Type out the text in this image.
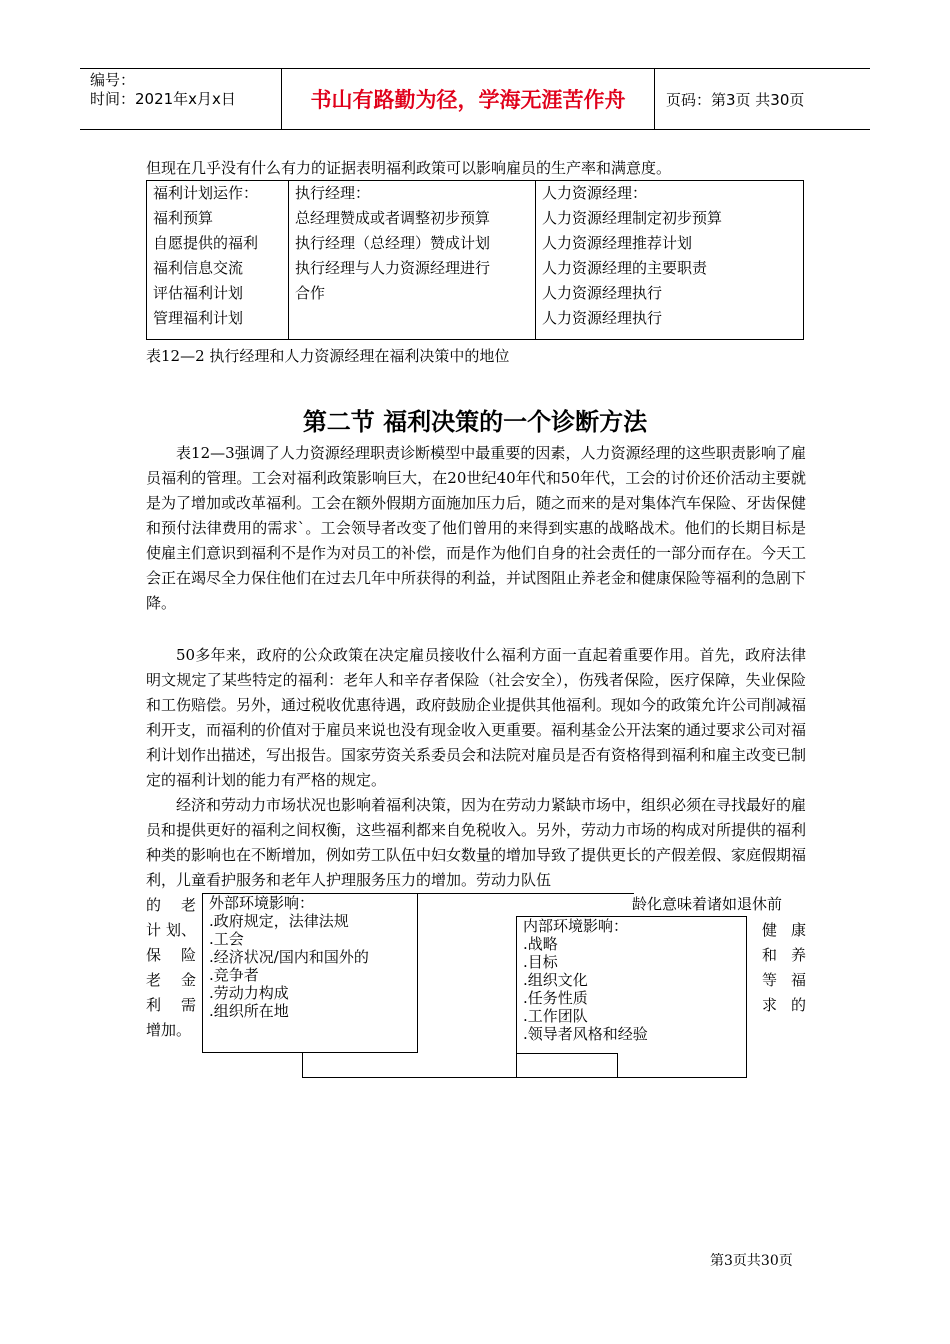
编号：
时间：2021年x月x日	书山有路勤为径，学海无涯苦作舟	页码：第3页 共30页
但现在几乎没有什么有力的证据表明福利政策可以影响雇员的生产率和满意度。
福利计划运作：
福利预算
自愿提供的福利
福利信息交流
评估福利计划
管理福利计划
执行经理：
总经理赞成或者调整初步预算
执行经理（总经理）赞成计划
执行经理与人力资源经理进行
合作
人力资源经理：
人力资源经理制定初步预算
人力资源经理推荐计划
人力资源经理的主要职责
人力资源经理执行
人力资源经理执行
表12—2 执行经理和人力资源经理在福利决策中的地位
第二节 福利决策的一个诊断方法
表12—3强调了人力资源经理职责诊断模型中最重要的因素，人力资源经理的这些职责影响了雇员福利的管理。工会对福利政策影响巨大，在20世纪40年代和50年代，工会的讨价还价活动主要就是为了增加或改革福利。工会在额外假期方面施加压力后，随之而来的是对集体汽车保险、牙齿保健和预付法律费用的需求`。工会领导者改变了他们曾用的来得到实惠的战略战术。他们的长期目标是使雇主们意识到福利不是作为对员工的补偿，而是作为他们自身的社会责任的一部分而存在。今天工会正在竭尽全力保住他们在过去几年中所获得的利益，并试图阻止养老金和健康保险等福利的急剧下降。
50多年来，政府的公众政策在决定雇员接收什么福利方面一直起着重要作用。首先，政府法律明文规定了某些特定的福利：老年人和辛存者保险（社会安全），伤残者保险，医疗保障，失业保险和工伤赔偿。另外，通过税收优惠待遇，政府鼓励企业提供其他福利。现如今的政策允许公司削减福利开支，而福利的价值对于雇员来说也没有现金收入更重要。福利基金公开法案的通过要求公司对福利计划作出描述，写出报告。国家劳资关系委员会和法院对雇员是否有资格得到福利和雇主改变已制定的福利计划的能力有严格的规定。
经济和劳动力市场状况也影响着福利决策，因为在劳动力紧缺市场中，组织必须在寻找最好的雇员和提供更好的福利之间权衡，这些福利都来自免税收入。另外，劳动力市场的构成对所提供的福利种类的影响也在不断增加，例如劳工队伍中妇女数量的增加导致了提供更长的产假差假、家庭假期福利，儿童看护服务和老年人护理服务压力的增加。劳动力队伍
的 老
计 划、
保 险
老 金
利 需
增加。
龄化意味着诸如退休前
健 康
和 养
等 福
求 的
外部环境影响：
.政府规定，法律法规
.工会
.经济状况/国内和国外的
.竞争者
.劳动力构成
.组织所在地
内部环境影响：
.战略
.目标
.组织文化
.任务性质
.工作团队
.领导者风格和经验
第3页共30页
